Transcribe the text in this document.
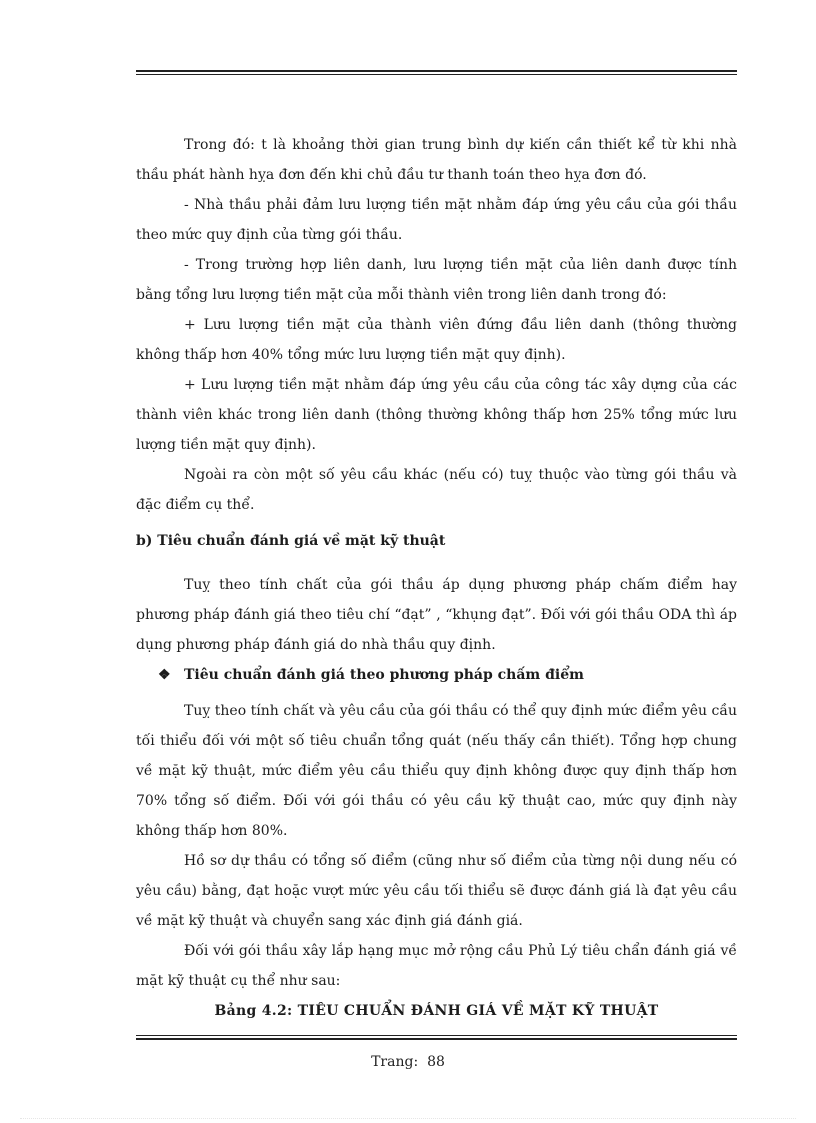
Trong đó: t là khoảng thời gian trung bình dự kiến cần thiết kể từ khi nhà thầu phát hành hỵa đơn đến khi chủ đầu tư thanh toán theo hỵa đơn đó.

- Nhà thầu phải đảm lưu lượng tiền mặt nhằm đáp ứng yêu cầu của gói thầu theo mức quy định của từng gói thầu.

- Trong trường hợp liên danh, lưu lượng tiền mặt của liên danh được tính bằng tổng lưu lượng tiền mặt của mỗi thành viên trong liên danh trong đó:

+ Lưu lượng tiền mặt của thành viên đứng đầu liên danh (thông thường không thấp hơn 40% tổng mức lưu lượng tiền mặt quy định).

+ Lưu lượng tiền mặt nhằm đáp ứng yêu cầu của công tác xây dựng của các thành viên khác trong liên danh (thông thường không thấp hơn 25% tổng mức lưu lượng tiền mặt quy định).

Ngoài ra còn một số yêu cầu khác (nếu có) tuỵ thuộc vào từng gói thầu và đặc điểm cụ thể.

b) Tiêu chuẩn đánh giá về mặt kỹ thuật

Tuỵ theo tính chất của gói thầu áp dụng phương pháp chấm điểm hay phương pháp đánh giá theo tiêu chí “đạt” , “khụng đạt”. Đối với gói thầu ODA thì áp dụng phương pháp đánh giá do nhà thầu quy định.

❖ Tiêu chuẩn đánh giá theo phương pháp chấm điểm

Tuỵ theo tính chất và yêu cầu của gói thầu có thể quy định mức điểm yêu cầu tối thiểu đối với một số tiêu chuẩn tổng quát (nếu thấy cần thiết). Tổng hợp chung về mặt kỹ thuật, mức điểm yêu cầu thiểu quy định không được quy định thấp hơn 70% tổng số điểm. Đối với gói thầu có yêu cầu kỹ thuật cao, mức quy định này không thấp hơn 80%.

Hồ sơ dự thầu có tổng số điểm (cũng như số điểm của từng nội dung nếu có yêu cầu) bằng, đạt hoặc vượt mức yêu cầu tối thiểu sẽ được đánh giá là đạt yêu cầu về mặt kỹ thuật và chuyển sang xác định giá đánh giá.

Đối với gói thầu xây lắp hạng mục mở rộng cầu Phủ Lý tiêu chẩn đánh giá về mặt kỹ thuật cụ thể như sau:

Bảng 4.2: TIÊU CHUẨN ĐÁNH GIÁ VỀ MẶT KỸ THUẬT

Trang: 88
